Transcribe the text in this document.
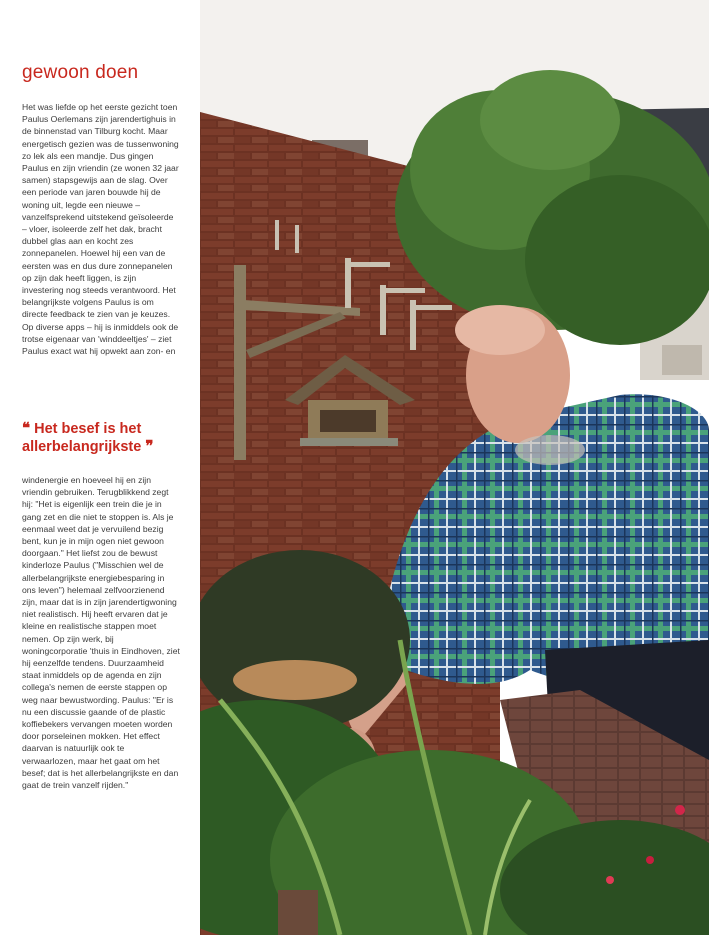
gewoon doen

Het was liefde op het eerste gezicht toen Paulus Oerlemans zijn jarendertighuis in de binnenstad van Tilburg kocht. Maar energetisch gezien was de tussenwoning zo lek als een mandje. Dus gingen Paulus en zijn vriendin (ze wonen 32 jaar samen) stapsgewijs aan de slag. Over een periode van jaren bouwde hij de woning uit, legde een nieuwe – vanzelfsprekend uitstekend geïsoleerde – vloer, isoleerde zelf het dak, bracht dubbel glas aan en kocht zes zonnepanelen. Hoewel hij een van de eersten was en dus dure zonnepanelen op zijn dak heeft liggen, is zijn investering nog steeds verantwoord. Het belangrijkste volgens Paulus is om directe feedback te zien van je keuzes. Op diverse apps – hij is inmiddels ook de trotse eigenaar van 'winddeeltjes' – ziet Paulus exact wat hij opwekt aan zon- en

❝ Het besef is het allerbelangrijkste ❞

windenergie en hoeveel hij en zijn vriendin gebruiken. Terugblikkend zegt hij: "Het is eigenlijk een trein die je in gang zet en die niet te stoppen is. Als je eenmaal weet dat je vervuilend bezig bent, kun je in mijn ogen niet gewoon doorgaan." Het liefst zou de bewust kinderloze Paulus ("Misschien wel de allerbelangrijkste energiebesparing in ons leven") helemaal zelfvoorzienend zijn, maar dat is in zijn jarendertigwoning niet realistisch. Hij heeft ervaren dat je kleine en realistische stappen moet nemen. Op zijn werk, bij woningcorporatie 'thuis in Eindhoven, ziet hij eenzelfde tendens. Duurzaamheid staat inmiddels op de agenda en zijn collega's nemen de eerste stappen op weg naar bewustwording. Paulus: "Er is nu een discussie gaande of de plastic koffiebekers vervangen moeten worden door porseleinen mokken. Het effect daarvan is natuurlijk ook te verwaarlozen, maar het gaat om het besef; dat is het allerbelangrijkste en dan gaat de trein vanzelf rijden."
